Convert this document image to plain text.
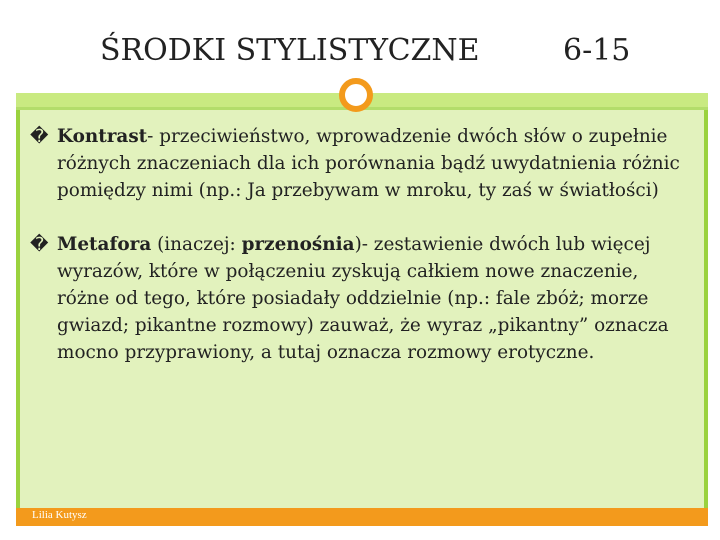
ŚRODKI STYLISTYCZNE	6-15
� Kontrast- przeciwieństwo, wprowadzenie dwóch słów o zupełnie różnych znaczeniach dla ich porównania bądź uwydatnienia różnic pomiędzy nimi (np.: Ja przebywam w mroku, ty zaś w światłości)
� Metafora (inaczej: przenośnia)- zestawienie dwóch lub więcej wyrazów, które w połączeniu zyskują całkiem nowe znaczenie, różne od tego, które posiadały oddzielnie (np.: fale zbóż; morze gwiazd; pikantne rozmowy) zauważ, że wyraz „pikantny” oznacza mocno przyprawiony, a tutaj oznacza rozmowy erotyczne.
Lilia Kutysz
